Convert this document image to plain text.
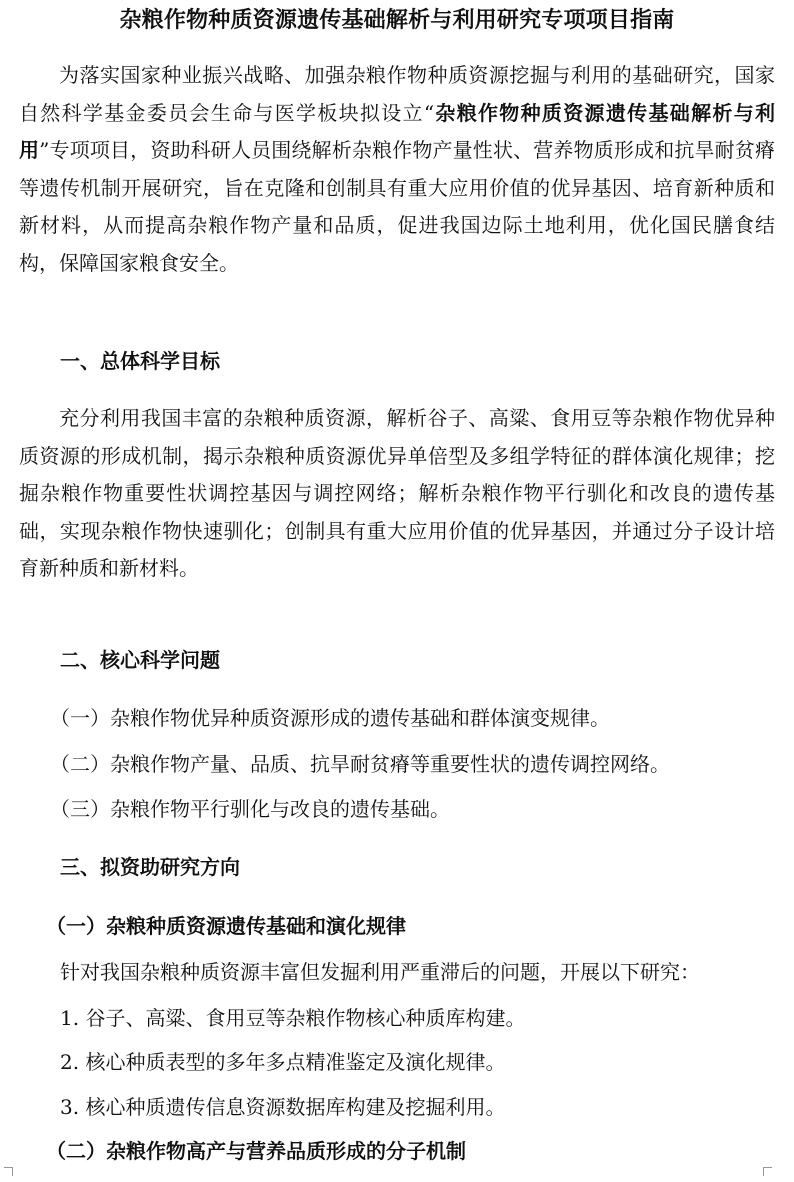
杂粮作物种质资源遗传基础解析与利用研究专项项目指南

为落实国家种业振兴战略、加强杂粮作物种质资源挖掘与利用的基础研究，国家自然科学基金委员会生命与医学板块拟设立“杂粮作物种质资源遗传基础解析与利用”专项项目，资助科研人员围绕解析杂粮作物产量性状、营养物质形成和抗旱耐贫瘠等遗传机制开展研究，旨在克隆和创制具有重大应用价值的优异基因、培育新种质和新材料，从而提高杂粮作物产量和品质，促进我国边际土地利用，优化国民膳食结构，保障国家粮食安全。

一、总体科学目标

充分利用我国丰富的杂粮种质资源，解析谷子、高粱、食用豆等杂粮作物优异种质资源的形成机制，揭示杂粮种质资源优异单倍型及多组学特征的群体演化规律；挖掘杂粮作物重要性状调控基因与调控网络；解析杂粮作物平行驯化和改良的遗传基础，实现杂粮作物快速驯化；创制具有重大应用价值的优异基因，并通过分子设计培育新种质和新材料。

二、核心科学问题
（一）杂粮作物优异种质资源形成的遗传基础和群体演变规律。
（二）杂粮作物产量、品质、抗旱耐贫瘠等重要性状的遗传调控网络。
（三）杂粮作物平行驯化与改良的遗传基础。
三、拟资助研究方向
（一）杂粮种质资源遗传基础和演化规律
针对我国杂粮种质资源丰富但发掘利用严重滞后的问题，开展以下研究：
1. 谷子、高粱、食用豆等杂粮作物核心种质库构建。
2. 核心种质表型的多年多点精准鉴定及演化规律。
3. 核心种质遗传信息资源数据库构建及挖掘利用。
（二）杂粮作物高产与营养品质形成的分子机制
